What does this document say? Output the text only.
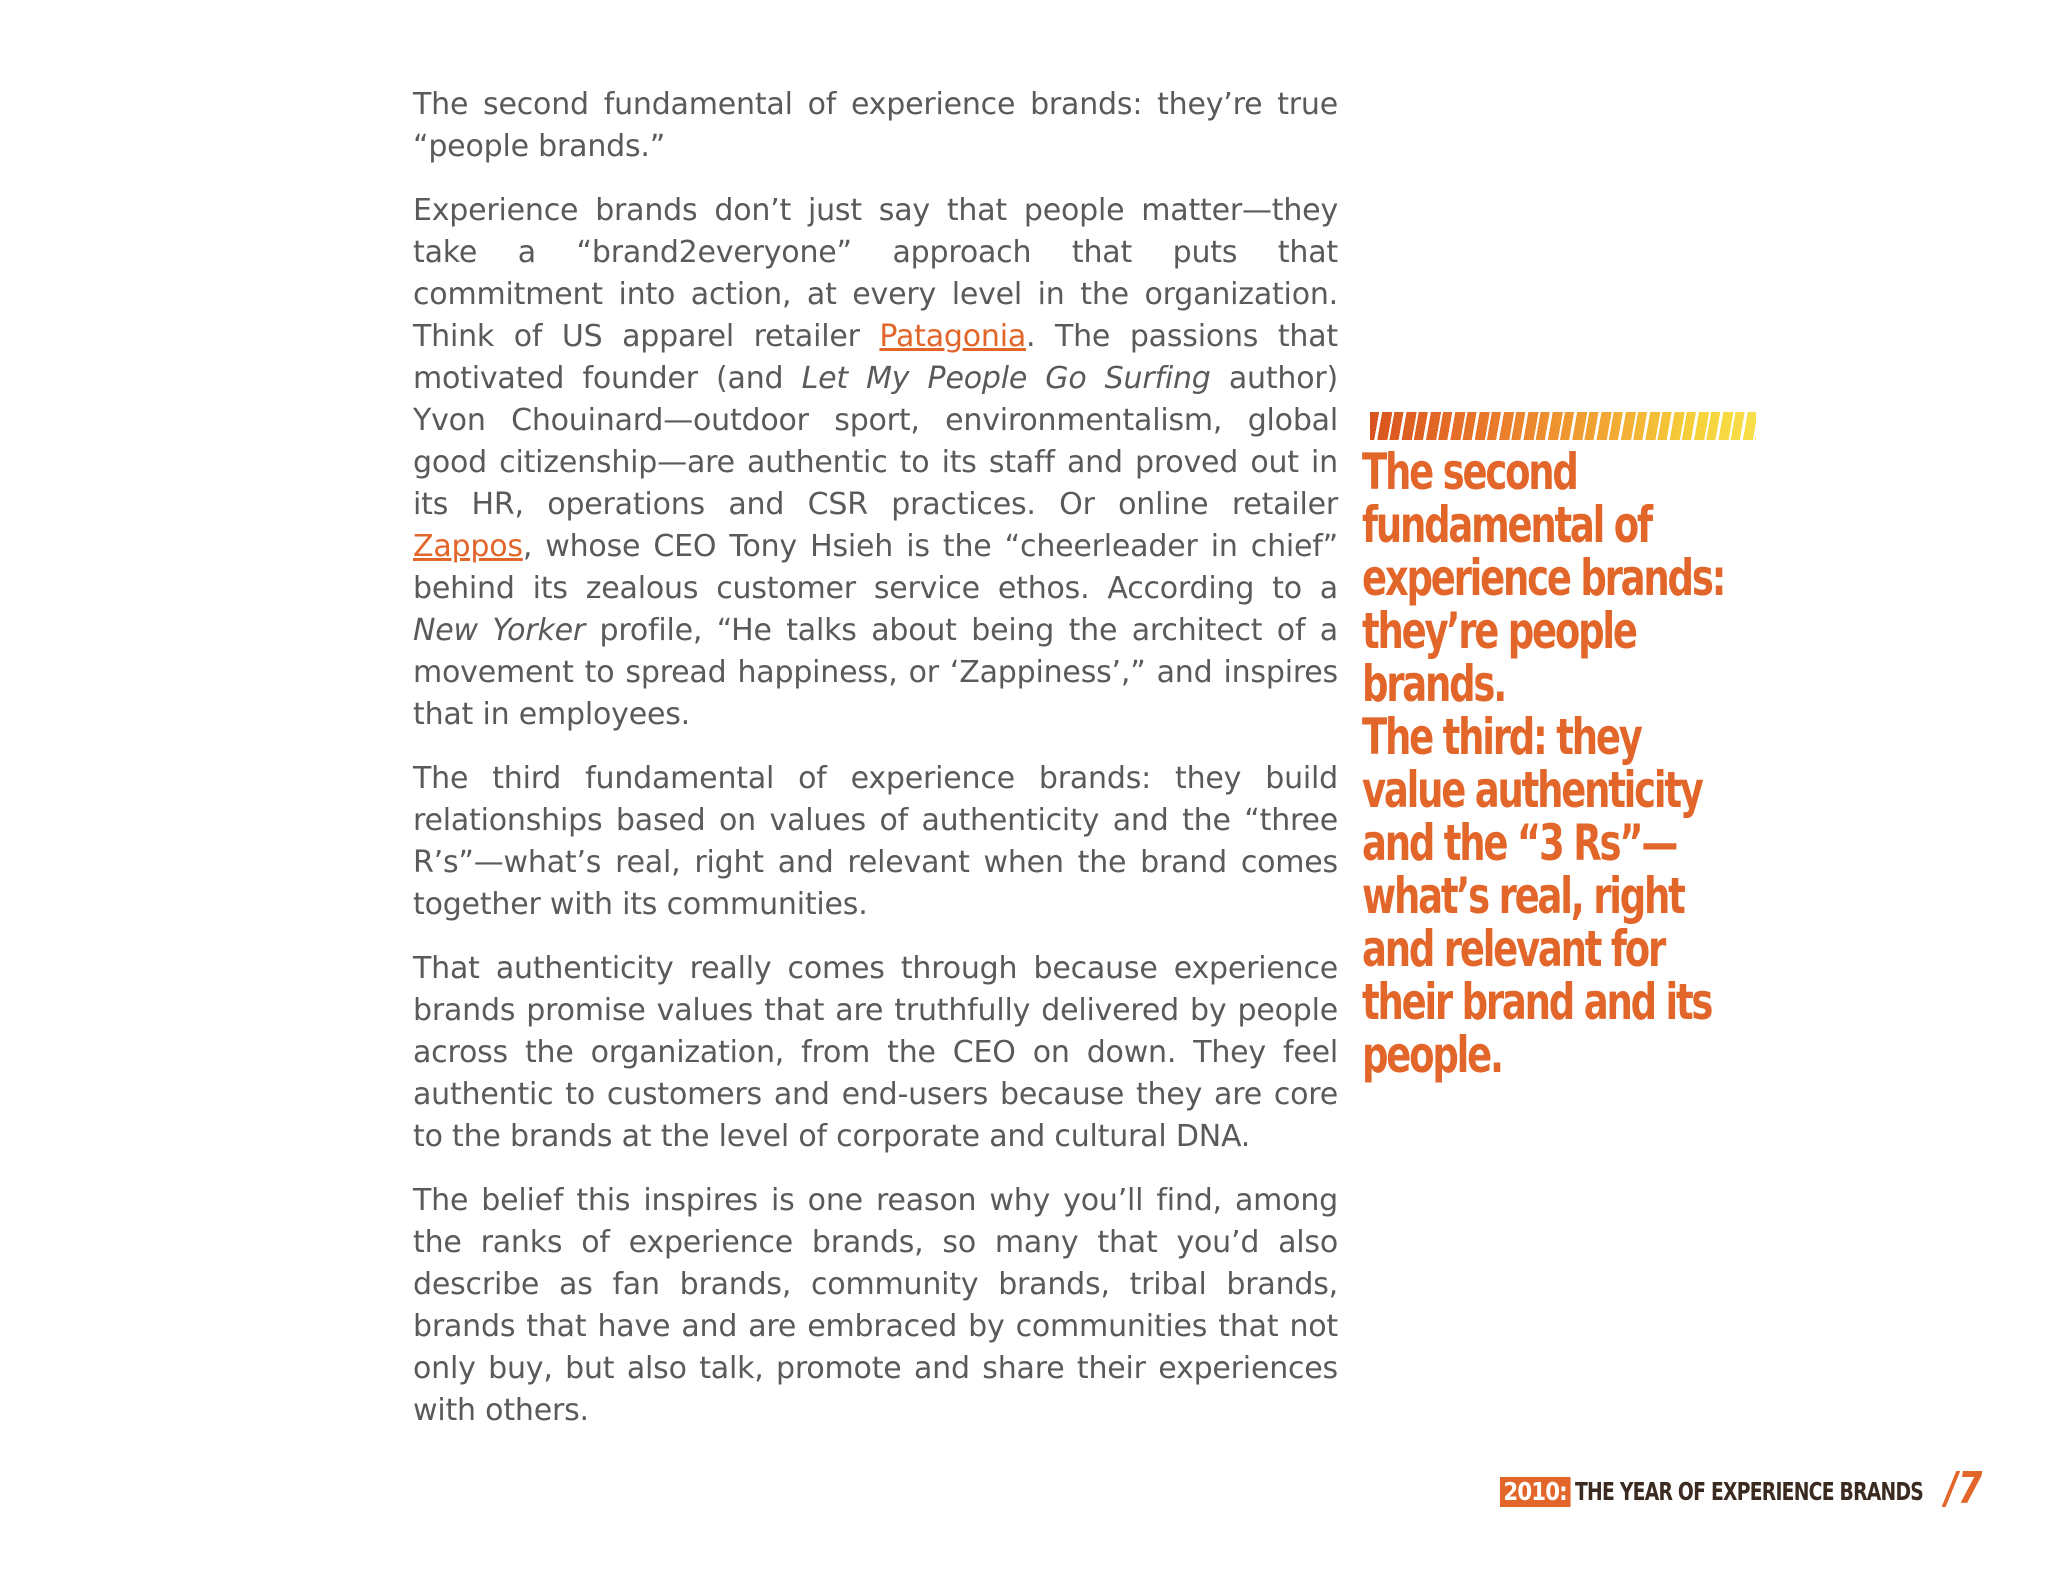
The second fundamental of experience brands: they’re true “people brands.”

Experience brands don’t just say that people matter—they take a “brand2everyone” approach that puts that commitment into action, at every level in the organization. Think of US apparel retailer Patagonia. The passions that motivated founder (and Let My People Go Surfing author) Yvon Chouinard—outdoor sport, environmentalism, global good citizenship—are authentic to its staff and proved out in its HR, operations and CSR practices. Or online retailer Zappos, whose CEO Tony Hsieh is the “cheerleader in chief” behind its zealous customer service ethos. According to a New Yorker profile, “He talks about being the architect of a movement to spread happiness, or ‘Zappiness’,” and inspires that in employees.

The third fundamental of experience brands: they build relationships based on values of authenticity and the “three R’s”—what’s real, right and relevant when the brand comes together with its communities.

That authenticity really comes through because experience brands promise values that are truthfully delivered by people across the organization, from the CEO on down. They feel authentic to customers and end-users because they are core to the brands at the level of corporate and cultural DNA.

The belief this inspires is one reason why you’ll find, among the ranks of experience brands, so many that you’d also describe as fan brands, community brands, tribal brands, brands that have and are embraced by communities that not only buy, but also talk, promote and share their experiences with others.

The second
fundamental of
experience brands:
they’re people
brands.
The third: they
value authenticity
and the “3 Rs”—
what’s real, right
and relevant for
their brand and its
people.
2010: THE YEAR OF EXPERIENCE BRANDS /7
